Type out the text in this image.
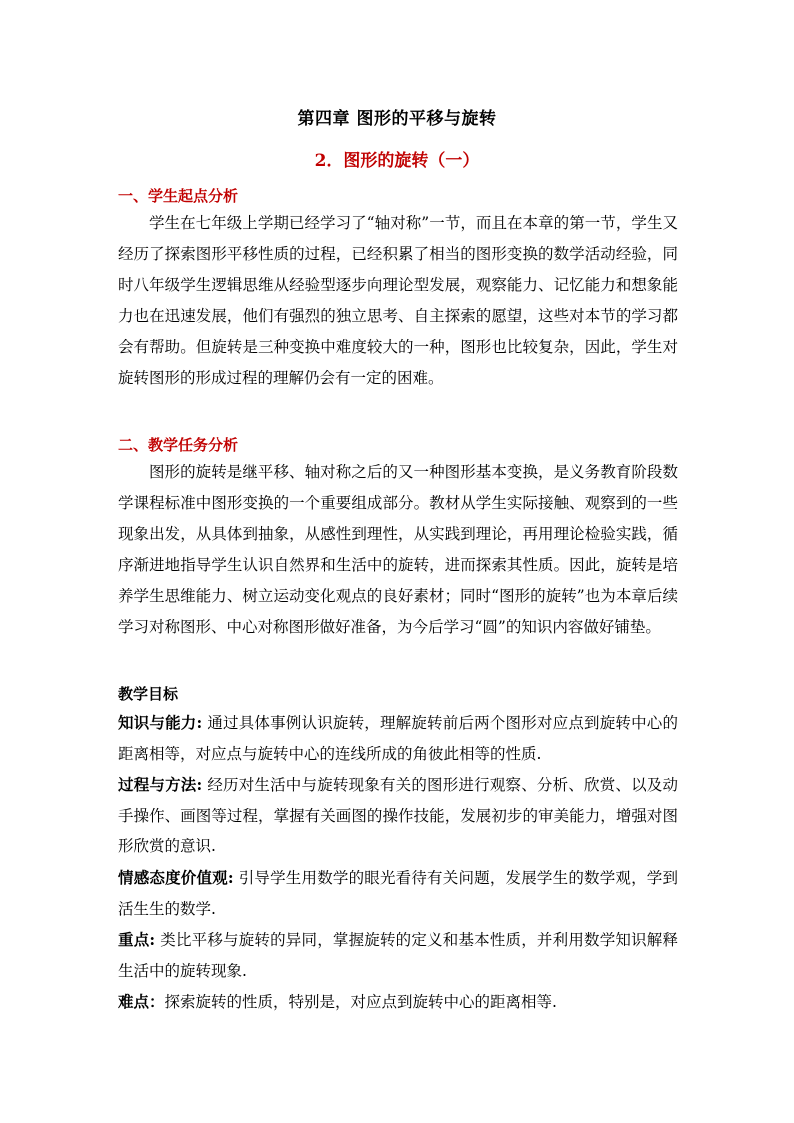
第四章 图形的平移与旋转
2．图形的旋转（一）
一、学生起点分析

学生在七年级上学期已经学习了“轴对称”一节，而且在本章的第一节，学生又经历了探索图形平移性质的过程，已经积累了相当的图形变换的数学活动经验，同时八年级学生逻辑思维从经验型逐步向理论型发展，观察能力、记忆能力和想象能力也在迅速发展，他们有强烈的独立思考、自主探索的愿望，这些对本节的学习都会有帮助。但旋转是三种变换中难度较大的一种，图形也比较复杂，因此，学生对旋转图形的形成过程的理解仍会有一定的困难。

二、教学任务分析

图形的旋转是继平移、轴对称之后的又一种图形基本变换，是义务教育阶段数学课程标准中图形变换的一个重要组成部分。教材从学生实际接触、观察到的一些现象出发，从具体到抽象，从感性到理性，从实践到理论，再用理论检验实践，循序渐进地指导学生认识自然界和生活中的旋转，进而探索其性质。因此，旋转是培养学生思维能力、树立运动变化观点的良好素材；同时“图形的旋转”也为本章后续学习对称图形、中心对称图形做好准备，为今后学习“圆”的知识内容做好铺垫。

教学目标

知识与能力: 通过具体事例认识旋转，理解旋转前后两个图形对应点到旋转中心的距离相等，对应点与旋转中心的连线所成的角彼此相等的性质.

过程与方法: 经历对生活中与旋转现象有关的图形进行观察、分析、欣赏、以及动手操作、画图等过程，掌握有关画图的操作技能，发展初步的审美能力，增强对图形欣赏的意识.

情感态度价值观: 引导学生用数学的眼光看待有关问题，发展学生的数学观，学到活生生的数学.

重点: 类比平移与旋转的异同，掌握旋转的定义和基本性质，并利用数学知识解释生活中的旋转现象.

难点：探索旋转的性质，特别是，对应点到旋转中心的距离相等.
